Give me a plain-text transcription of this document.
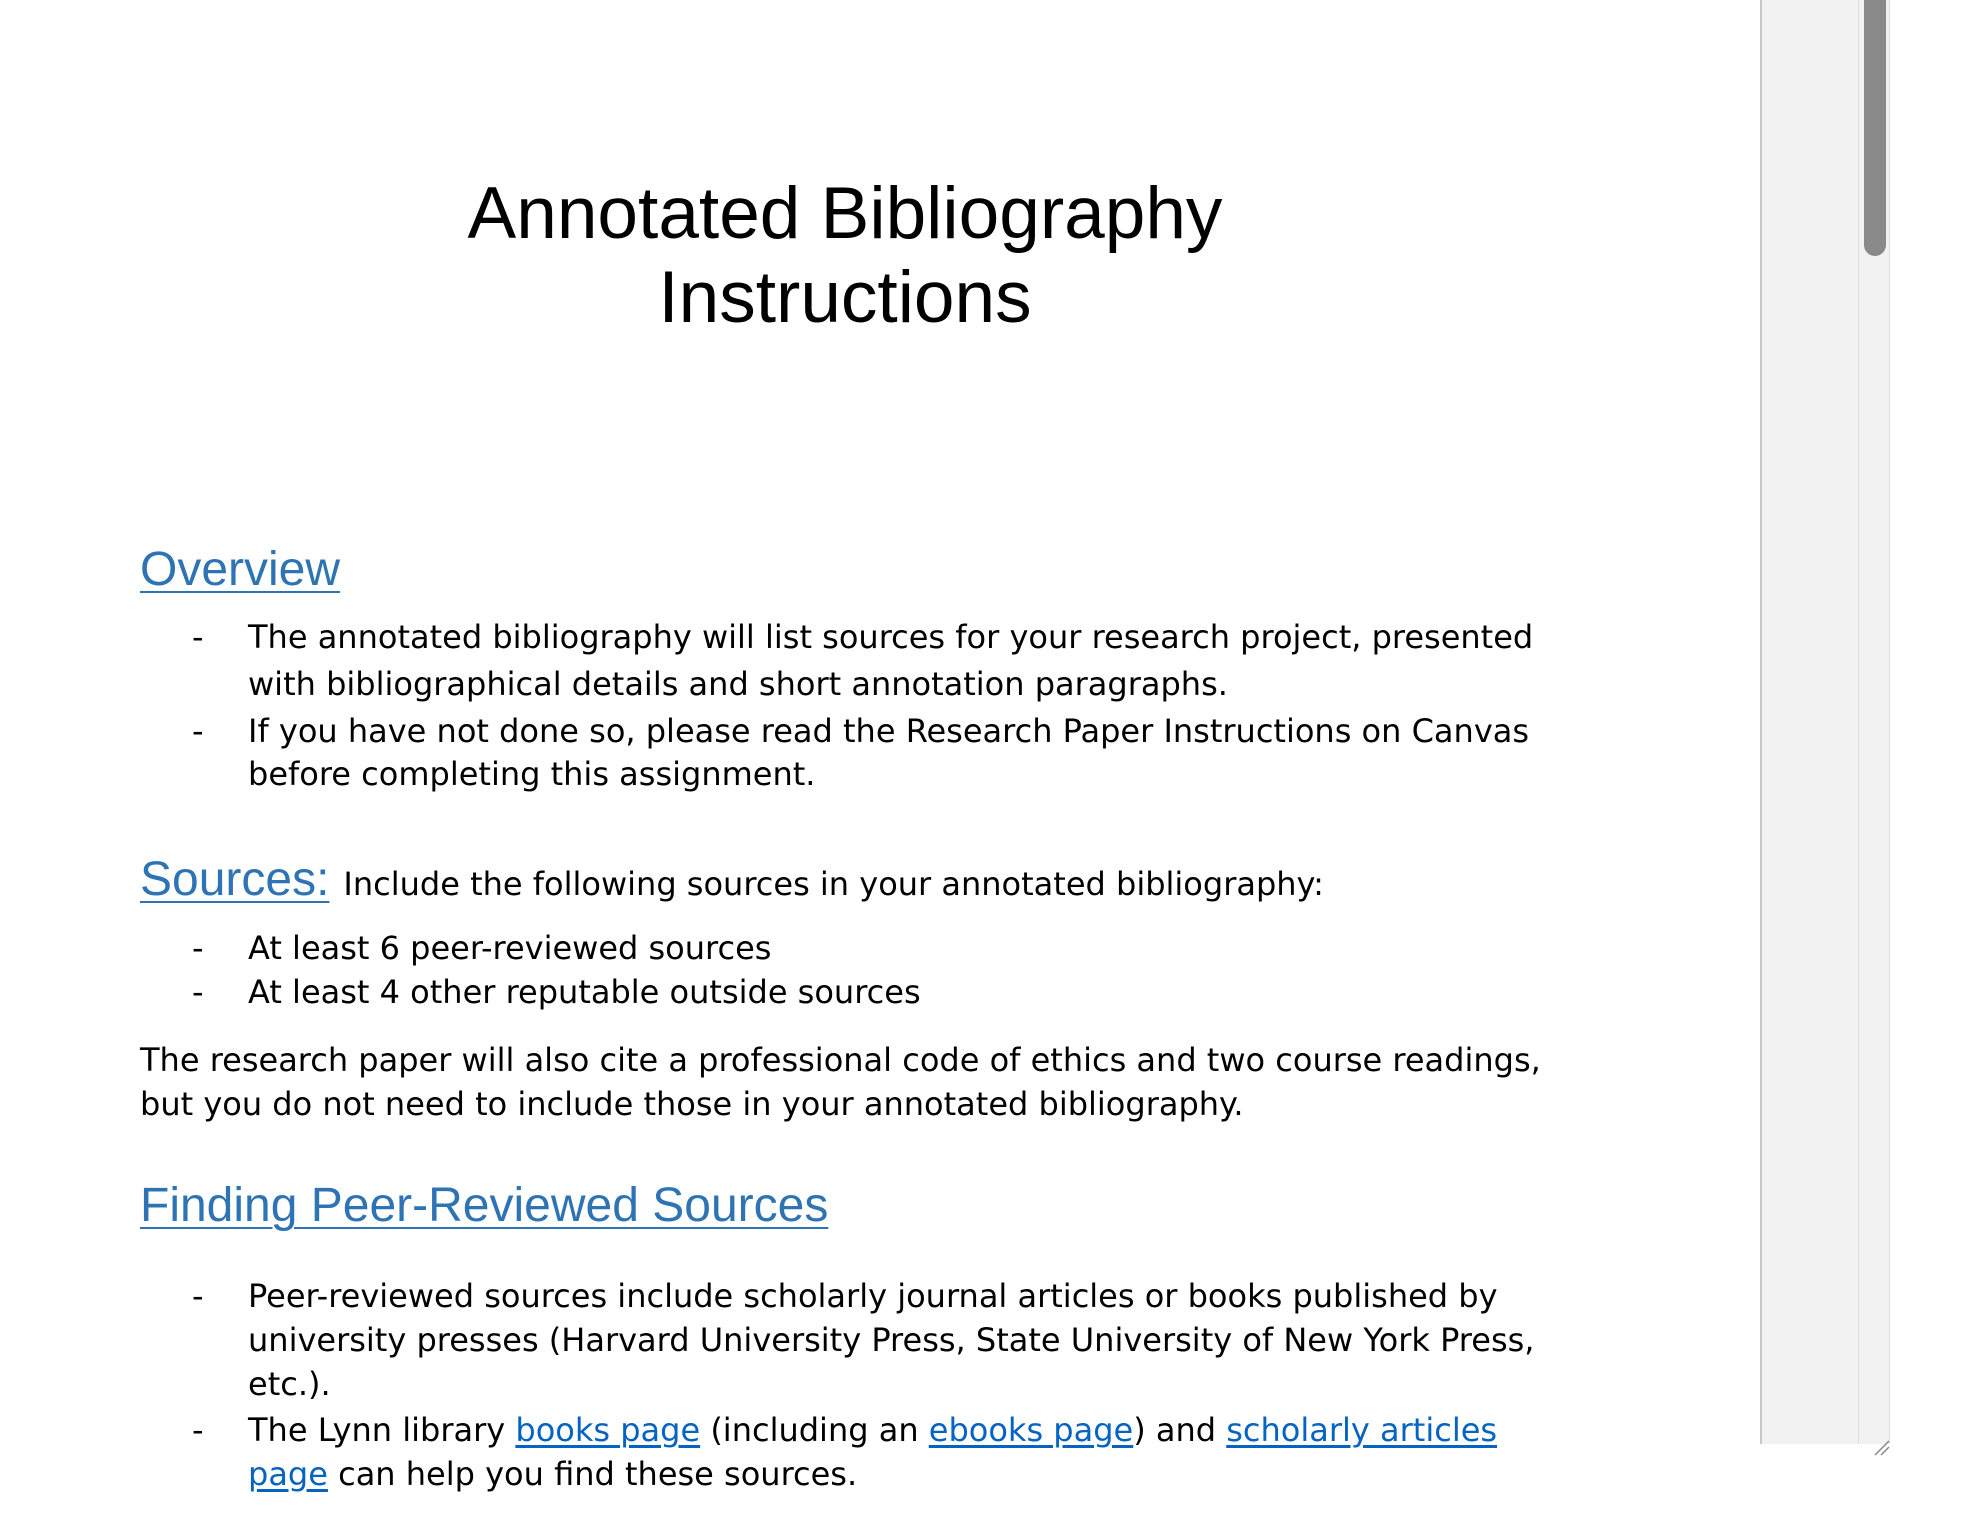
Annotated Bibliography
Instructions
Overview
- The annotated bibliography will list sources for your research project, presented with bibliographical details and short annotation paragraphs.
- If you have not done so, please read the Research Paper Instructions on Canvas before completing this assignment.
Sources: Include the following sources in your annotated bibliography:
- At least 6 peer-reviewed sources
- At least 4 other reputable outside sources

The research paper will also cite a professional code of ethics and two course readings, but you do not need to include those in your annotated bibliography.

Finding Peer-Reviewed Sources
- Peer-reviewed sources include scholarly journal articles or books published by university presses (Harvard University Press, State University of New York Press, etc.).
- The Lynn library books page (including an ebooks page) and scholarly articles page can help you find these sources.
